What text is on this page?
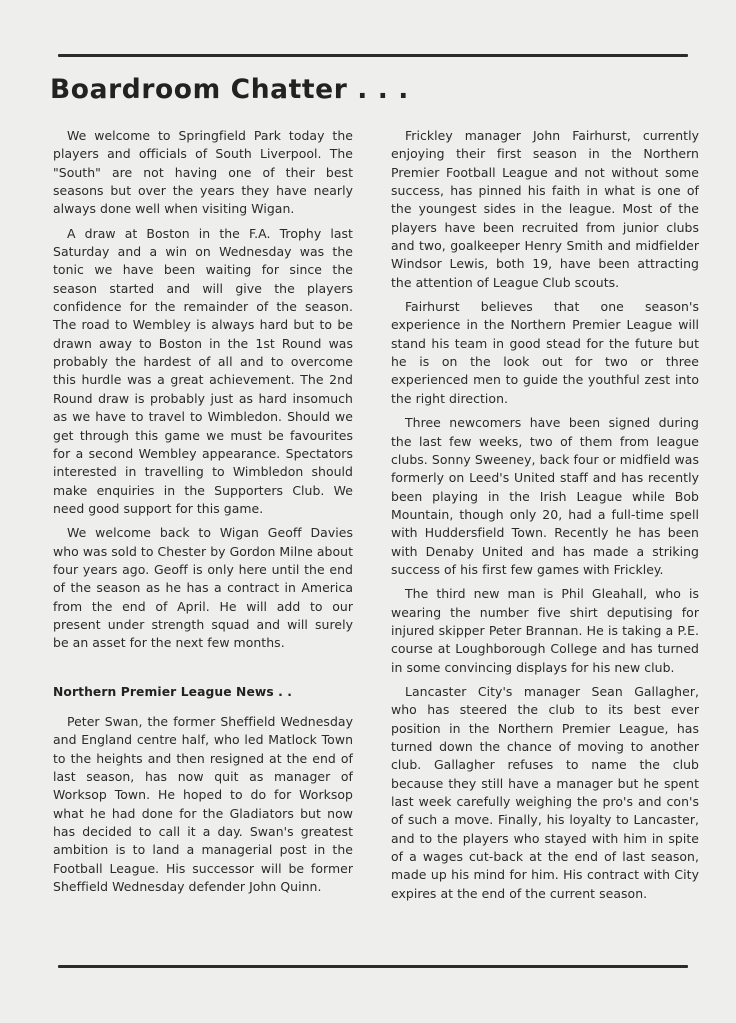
Boardroom Chatter . . .

We welcome to Springfield Park today the players and officials of South Liverpool. The "South" are not having one of their best seasons but over the years they have nearly always done well when visiting Wigan.

A draw at Boston in the F.A. Trophy last Saturday and a win on Wednesday was the tonic we have been waiting for since the season started and will give the players confidence for the remainder of the season. The road to Wembley is always hard but to be drawn away to Boston in the 1st Round was probably the hardest of all and to overcome this hurdle was a great achievement. The 2nd Round draw is probably just as hard insomuch as we have to travel to Wimbledon. Should we get through this game we must be favourites for a second Wembley appearance. Spectators interested in travelling to Wimbledon should make enquiries in the Supporters Club. We need good support for this game.

We welcome back to Wigan Geoff Davies who was sold to Chester by Gordon Milne about four years ago. Geoff is only here until the end of the season as he has a contract in America from the end of April. He will add to our present under strength squad and will surely be an asset for the next few months.

Northern Premier League News . .

Peter Swan, the former Sheffield Wednesday and England centre half, who led Matlock Town to the heights and then resigned at the end of last season, has now quit as manager of Worksop Town. He hoped to do for Worksop what he had done for the Gladiators but now has decided to call it a day. Swan's greatest ambition is to land a managerial post in the Football League. His successor will be former Sheffield Wednesday defender John Quinn.

Frickley manager John Fairhurst, currently enjoying their first season in the Northern Premier Football League and not without some success, has pinned his faith in what is one of the youngest sides in the league. Most of the players have been recruited from junior clubs and two, goalkeeper Henry Smith and midfielder Windsor Lewis, both 19, have been attracting the attention of League Club scouts.

Fairhurst believes that one season's experience in the Northern Premier League will stand his team in good stead for the future but he is on the look out for two or three experienced men to guide the youthful zest into the right direction.

Three newcomers have been signed during the last few weeks, two of them from league clubs. Sonny Sweeney, back four or midfield was formerly on Leed's United staff and has recently been playing in the Irish League while Bob Mountain, though only 20, had a full-time spell with Huddersfield Town. Recently he has been with Denaby United and has made a striking success of his first few games with Frickley.

The third new man is Phil Gleahall, who is wearing the number five shirt deputising for injured skipper Peter Brannan. He is taking a P.E. course at Loughborough College and has turned in some convincing displays for his new club.

Lancaster City's manager Sean Gallagher, who has steered the club to its best ever position in the Northern Premier League, has turned down the chance of moving to another club. Gallagher refuses to name the club because they still have a manager but he spent last week carefully weighing the pro's and con's of such a move. Finally, his loyalty to Lancaster, and to the players who stayed with him in spite of a wages cut-back at the end of last season, made up his mind for him. His contract with City expires at the end of the current season.
